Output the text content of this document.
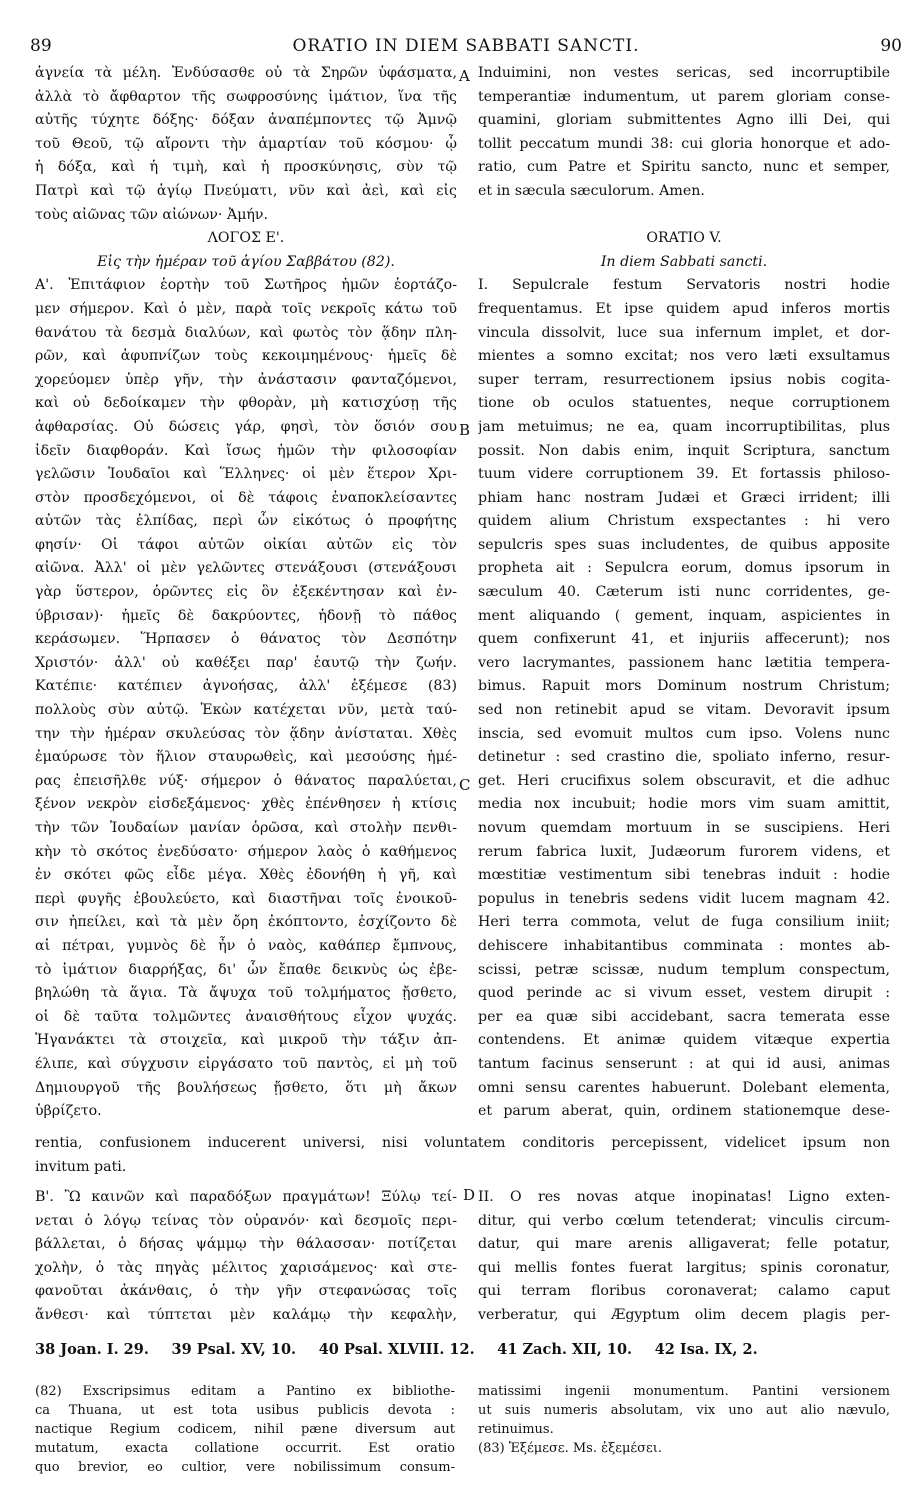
89	ORATIO IN DIEM SABBATI SANCTI.	90
A
B
C
D
ἁγνεία τὰ μέλη. Ἐνδύσασθε οὐ τὰ Σηρῶν ὑφάσματα,
ἀλλὰ τὸ ἄφθαρτον τῆς σωφροσύνης ἱμάτιον, ἵνα τῆς
αὐτῆς τύχητε δόξης· δόξαν ἀναπέμποντες τῷ Ἀμνῷ
τοῦ Θεοῦ, τῷ αἴροντι τὴν ἁμαρτίαν τοῦ κόσμου· ᾧ
ἡ δόξα, καὶ ἡ τιμὴ, καὶ ἡ προσκύνησις, σὺν τῷ
Πατρὶ καὶ τῷ ἁγίῳ Πνεύματι, νῦν καὶ ἀεὶ, καὶ εἰς
τοὺς αἰῶνας τῶν αἰώνων· Ἀμήν.
ΛΟΓΟΣ Ε'.
Εἰς τὴν ἡμέραν τοῦ ἁγίου Σαββάτου (82).
Α'. Ἐπιτάφιον ἑορτὴν τοῦ Σωτῆρος ἡμῶν ἑορτάζο-
μεν σήμερον. Καὶ ὁ μὲν, παρὰ τοῖς νεκροῖς κάτω τοῦ
θανάτου τὰ δεσμὰ διαλύων, καὶ φωτὸς τὸν ᾅδην πλη-
ρῶν, καὶ ἀφυπνίζων τοὺς κεκοιμημένους· ἡμεῖς δὲ
χορεύομεν ὑπὲρ γῆν, τὴν ἀνάστασιν φανταζόμενοι,
καὶ οὐ δεδοίκαμεν τὴν φθορὰν, μὴ κατισχύσῃ τῆς
ἀφθαρσίας. Οὐ δώσεις γάρ, φησὶ, τὸν ὅσιόν σου
ἰδεῖν διαφθοράν. Καὶ ἴσως ἡμῶν τὴν φιλοσοφίαν
γελῶσιν Ἰουδαῖοι καὶ Ἕλληνες· οἱ μὲν ἕτερον Χρι-
στὸν προσδεχόμενοι, οἱ δὲ τάφοις ἐναποκλείσαντες
αὐτῶν τὰς ἐλπίδας, περὶ ὧν εἰκότως ὁ προφήτης
φησίν· Οἱ τάφοι αὐτῶν οἰκίαι αὐτῶν εἰς τὸν
αἰῶνα. Ἀλλ' οἱ μὲν γελῶντες στενάξουσι (στενάξουσι
γὰρ ὕστερον, ὁρῶντες εἰς ὃν ἐξεκέντησαν καὶ ἐν-
ύβρισαν)· ἡμεῖς δὲ δακρύοντες, ἡδονῇ τὸ πάθος
κεράσωμεν. Ἥρπασεν ὁ θάνατος τὸν Δεσπότην
Χριστόν· ἀλλ' οὐ καθέξει παρ' ἑαυτῷ τὴν ζωήν.
Κατέπιε· κατέπιεν ἀγνοήσας, ἀλλ' ἐξέμεσε (83)
πολλοὺς σὺν αὐτῷ. Ἑκὼν κατέχεται νῦν, μετὰ ταύ-
την τὴν ἡμέραν σκυλεύσας τὸν ᾅδην ἀνίσταται. Χθὲς
ἐμαύρωσε τὸν ἥλιον σταυρωθεὶς, καὶ μεσούσης ἡμέ-
ρας ἐπεισῆλθε νύξ· σήμερον ὁ θάνατος παραλύεται,
ξένον νεκρὸν εἰσδεξάμενος· χθὲς ἐπένθησεν ἡ κτίσις
τὴν τῶν Ἰουδαίων μανίαν ὁρῶσα, καὶ στολὴν πενθι-
κὴν τὸ σκότος ἐνεδύσατο· σήμερον λαὸς ὁ καθήμενος
ἐν σκότει φῶς εἶδε μέγα. Χθὲς ἐδονήθη ἡ γῆ, καὶ
περὶ φυγῆς ἐβουλεύετο, καὶ διαστῆναι τοῖς ἐνοικοῦ-
σιν ἠπείλει, καὶ τὰ μὲν ὄρη ἐκόπτοντο, ἐσχίζοντο δὲ
αἱ πέτραι, γυμνὸς δὲ ἦν ὁ ναὸς, καθάπερ ἔμπνους,
τὸ ἱμάτιον διαρρήξας, δι' ὧν ἔπαθε δεικνὺς ὡς ἐβε-
βηλώθη τὰ ἅγια. Τὰ ἄψυχα τοῦ τολμήματος ᾔσθετο,
οἱ δὲ ταῦτα τολμῶντες ἀναισθήτους εἶχον ψυχάς.
Ἠγανάκτει τὰ στοιχεῖα, καὶ μικροῦ τὴν τάξιν ἀπ-
έλιπε, καὶ σύγχυσιν εἰργάσατο τοῦ παντὸς, εἰ μὴ τοῦ
Δημιουργοῦ τῆς βουλήσεως ᾔσθετο, ὅτι μὴ ἄκων
ὑβρίζετο.
Induimini, non vestes sericas, sed incorruptibile
temperantiæ indumentum, ut parem gloriam conse-
quamini, gloriam submittentes Agno illi Dei, qui
tollit peccatum mundi 38: cui gloria honorque et ado-
ratio, cum Patre et Spiritu sancto, nunc et semper,
et in sæcula sæculorum. Amen.
ORATIO V.
In diem Sabbati sancti.
I. Sepulcrale festum Servatoris nostri hodie
frequentamus. Et ipse quidem apud inferos mortis
vincula dissolvit, luce sua infernum implet, et dor-
mientes a somno excitat; nos vero læti exsultamus
super terram, resurrectionem ipsius nobis cogita-
tione ob oculos statuentes, neque corruptionem
jam metuimus; ne ea, quam incorruptibilitas, plus
possit. Non dabis enim, inquit Scriptura, sanctum
tuum videre corruptionem 39. Et fortassis philoso-
phiam hanc nostram Judæi et Græci irrident; illi
quidem alium Christum exspectantes : hi vero
sepulcris spes suas includentes, de quibus apposite
propheta ait : Sepulcra eorum, domus ipsorum in
sæculum 40. Cæterum isti nunc corridentes, ge-
ment aliquando ( gement, inquam, aspicientes in
quem confixerunt 41, et injuriis affecerunt); nos
vero lacrymantes, passionem hanc lætitia tempera-
bimus. Rapuit mors Dominum nostrum Christum;
sed non retinebit apud se vitam. Devoravit ipsum
inscia, sed evomuit multos cum ipso. Volens nunc
detinetur : sed crastino die, spoliato inferno, resur-
get. Heri crucifixus solem obscuravit, et die adhuc
media nox incubuit; hodie mors vim suam amittit,
novum quemdam mortuum in se suscipiens. Heri
rerum fabrica luxit, Judæorum furorem videns, et
mœstitiæ vestimentum sibi tenebras induit : hodie
populus in tenebris sedens vidit lucem magnam 42.
Heri terra commota, velut de fuga consilium iniit;
dehiscere inhabitantibus comminata : montes ab-
scissi, petræ scissæ, nudum templum conspectum,
quod perinde ac si vivum esset, vestem dirupit :
per ea quæ sibi accidebant, sacra temerata esse
contendens. Et animæ quidem vitæque expertia
tantum facinus senserunt : at qui id ausi, animas
omni sensu carentes habuerunt. Dolebant elementa,
et parum aberat, quin, ordinem stationemque dese-
rentia, confusionem inducerent universi, nisi voluntatem conditoris percepissent, videlicet ipsum non
invitum pati.
Β'. Ὢ καινῶν καὶ παραδόξων πραγμάτων! Ξύλῳ τεί-
νεται ὁ λόγῳ τείνας τὸν οὐρανόν· καὶ δεσμοῖς περι-
βάλλεται, ὁ δήσας ψάμμῳ τὴν θάλασσαν· ποτίζεται
χολὴν, ὁ τὰς πηγὰς μέλιτος χαρισάμενος· καὶ στε-
φανοῦται ἀκάνθαις, ὁ τὴν γῆν στεφανώσας τοῖς
ἄνθεσι· καὶ τύπτεται μὲν καλάμῳ τὴν κεφαλὴν,
II. O res novas atque inopinatas! Ligno exten-
ditur, qui verbo cœlum tetenderat; vinculis circum-
datur, qui mare arenis alligaverat; felle potatur,
qui mellis fontes fuerat largitus; spinis coronatur,
qui terram floribus coronaverat; calamo caput
verberatur, qui Ægyptum olim decem plagis per-
38 Joan. I. 29. 39 Psal. XV, 10. 40 Psal. XLVIII. 12. 41 Zach. XII, 10. 42 Isa. IX, 2.
(82) Exscripsimus editam a Pantino ex bibliothe-
ca Thuana, ut est tota usibus publicis devota :
nactique Regium codicem, nihil pæne diversum aut
mutatum, exacta collatione occurrit. Est oratio
quo brevior, eo cultior, vere nobilissimum consum-
matissimi ingenii monumentum. Pantini versionem
ut suis numeris absolutam, vix uno aut alio nævulo,
retinuimus.
(83) Ἐξέμεσε. Ms. ἐξεμέσει.
